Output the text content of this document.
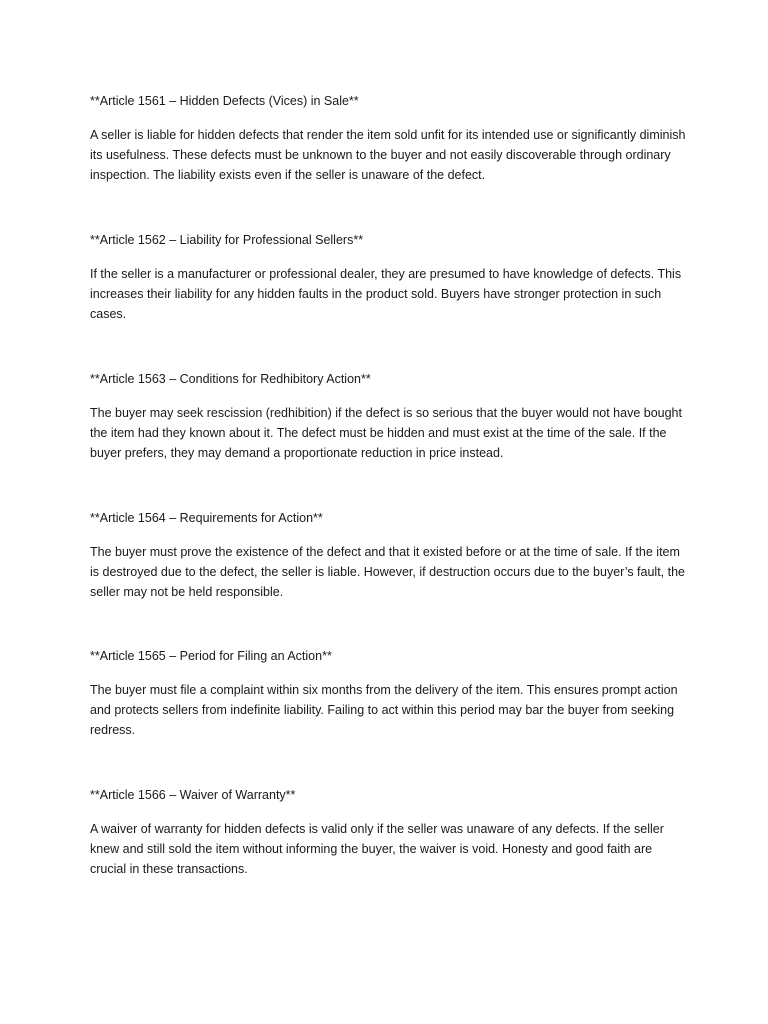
**Article 1561 – Hidden Defects (Vices) in Sale**

A seller is liable for hidden defects that render the item sold unfit for its intended use or significantly diminish its usefulness. These defects must be unknown to the buyer and not easily discoverable through ordinary inspection. The liability exists even if the seller is unaware of the defect.

**Article 1562 – Liability for Professional Sellers**

If the seller is a manufacturer or professional dealer, they are presumed to have knowledge of defects. This increases their liability for any hidden faults in the product sold. Buyers have stronger protection in such cases.

**Article 1563 – Conditions for Redhibitory Action**

The buyer may seek rescission (redhibition) if the defect is so serious that the buyer would not have bought the item had they known about it. The defect must be hidden and must exist at the time of the sale. If the buyer prefers, they may demand a proportionate reduction in price instead.

**Article 1564 – Requirements for Action**

The buyer must prove the existence of the defect and that it existed before or at the time of sale. If the item is destroyed due to the defect, the seller is liable. However, if destruction occurs due to the buyer’s fault, the seller may not be held responsible.

**Article 1565 – Period for Filing an Action**

The buyer must file a complaint within six months from the delivery of the item. This ensures prompt action and protects sellers from indefinite liability. Failing to act within this period may bar the buyer from seeking redress.

**Article 1566 – Waiver of Warranty**

A waiver of warranty for hidden defects is valid only if the seller was unaware of any defects. If the seller knew and still sold the item without informing the buyer, the waiver is void. Honesty and good faith are crucial in these transactions.
